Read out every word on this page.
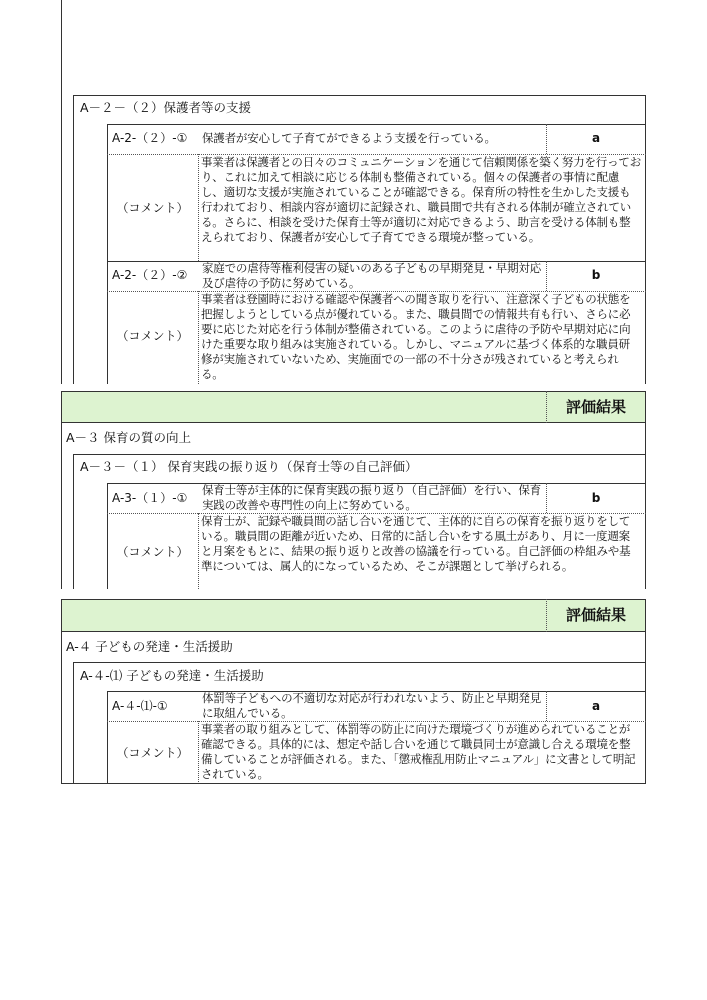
A－２－（２）保護者等の支援
A-2-（２）-① 保護者が安心して子育てができるよう支援を行っている。	a
（コメント）
事業者は保護者との日々のコミュニケーションを通じて信頼関係を築く努力を行っており、これに加えて相談に応じる体制も整備されている。個々の保護者の事情に配慮し、適切な支援が実施されていることが確認できる。保育所の特性を生かした支援も行われており、相談内容が適切に記録され、職員間で共有される体制が確立されている。さらに、相談を受けた保育士等が適切に対応できるよう、助言を受ける体制も整えられており、保護者が安心して子育てできる環境が整っている。
A-2-（２）-② 家庭での虐待等権利侵害の疑いのある子どもの早期発見・早期対応及び虐待の予防に努めている。
b
（コメント）
事業者は登園時における確認や保護者への聞き取りを行い、注意深く子どもの状態を把握しようとしている点が優れている。また、職員間での情報共有も行い、さらに必要に応じた対応を行う体制が整備されている。このように虐待の予防や早期対応に向けた重要な取り組みは実施されている。しかし、マニュアルに基づく体系的な職員研修が実施されていないため、実施面での一部の不十分さが残されていると考えられる。
評価結果
A－３ 保育の質の向上
A－３－（１） 保育実践の振り返り（保育士等の自己評価）
A-3-（１）-①
保育士等が主体的に保育実践の振り返り（自己評価）を行い、保育実践の改善や専門性の向上に努めている。	b
（コメント）
保育士が、記録や職員間の話し合いを通じて、主体的に自らの保育を振り返りをしている。職員間の距離が近いため、日常的に話し合いをする風土があり、月に一度週案と月案をもとに、結果の振り返りと改善の協議を行っている。自己評価の枠組みや基準については、属人的になっているため、そこが課題として挙げられる。
評価結果
A-４ 子どもの発達・生活援助
A-４-⑴ 子どもの発達・生活援助
A-４-⑴-①
体罰等子どもへの不適切な対応が行われないよう、防止と早期発見に取組んでいる。	a
（コメント）
事業者の取り組みとして、体罰等の防止に向けた環境づくりが進められていることが確認できる。具体的には、想定や話し合いを通じて職員同士が意識し合える環境を整備していることが評価される。また、「懲戒権乱用防止マニュアル」に文書として明記されている。
